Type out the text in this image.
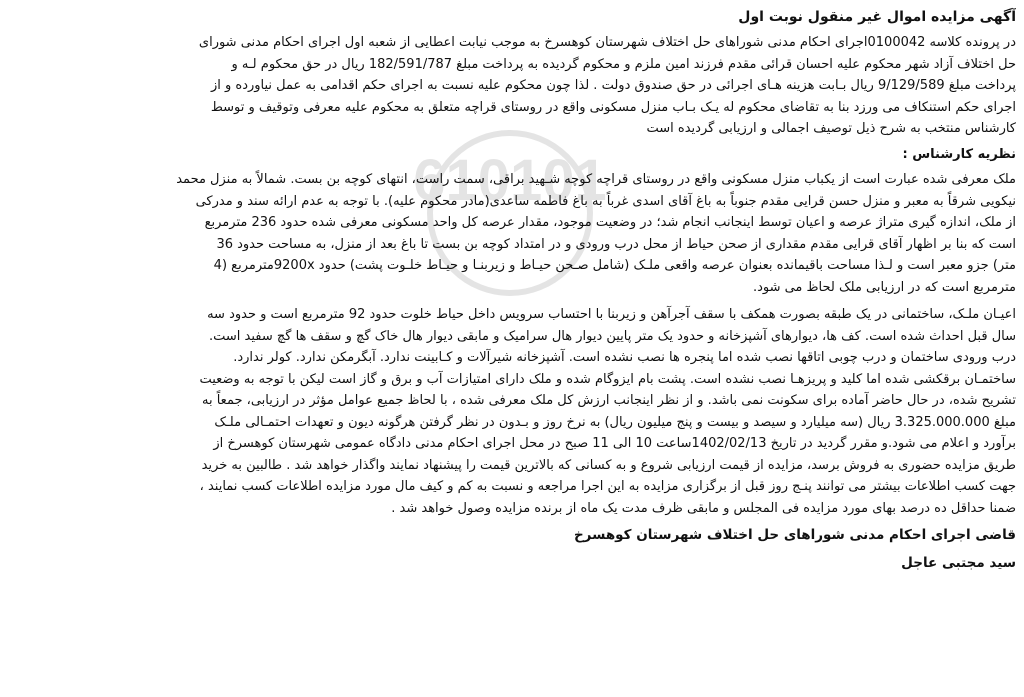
610101
آگهی مزایده اموال غیر منقول نوبت اول
در پرونده کلاسه 0100042اجرای احکام مدنی شوراهای حل اختلاف شهرستان کوهسرخ به موجب نیابت اعطایی از شعبه اول اجرای احکام مدنی شورای
حل اختلاف آزاد شهر محکوم علیه احسان قرائی مقدم فرزند امین ملزم و محکوم گردیده به پرداخت مبلغ 182/591/787 ریال در حق محکوم لـه و
پرداخت مبلغ 9/129/589 ریال بـابت هزینه هـای اجرائی در حق صندوق دولت . لذا چون محکوم علیه نسبت به اجرای حکم اقدامی به عمل نیاورده و از
اجرای حکم استنکاف می ورزد بنا به تقاضای محکوم له یـک بـاب منزل مسکونی واقع در روستای قراچه متعلق به محکوم علیه معرفی وتوقیف و توسط
کارشناس منتخب به شرح ذیل توصیف اجمالی و ارزیابی گردیده است
نظریه کارشناس :
ملک معرفی شده عبارت است از یکباب منزل مسکونی واقع در روستای قراچه کوچه شـهید براقی، سمت راست، انتهای کوچه بن بست. شمالاً به منزل محمد
نیکویی شرقاً به معبر و منزل حسن قرایی مقدم جنوباً به باغ آقای اسدی غرباً به باغ فاطمه ساعدی(مادر محکوم علیه). با توجه به عدم ارائه سند و مدرکی
از ملک، اندازه گیری متراژ عرصه و اعیان توسط اینجانب انجام شد؛ در وضعیت موجود، مقدار عرصه کل واحد مسکونی معرفی شده حدود 236 مترمربع
است که بنا بر اظهار آقای قرایی مقدم مقداری از صحن حیاط از محل درب ورودی و در امتداد کوچه بن بست تا باغ بعد از منزل، به مساحت حدود 36
متر) جزو معبر است و لـذا مساحت باقیمانده بعنوان عرصه واقعی ملـک (شامل صـحن حیـاط و زیربنـا و حیـاط خلـوت پشت) حدود 9200xمترمربع (4
مترمربع است که در ارزیابی ملک لحاظ می شود.
اعیـان ملـک، ساختمانی در یک طبقه بصورت همکف با سقف آجرآهن و زیربنا با احتساب سرویس داخل حیاط خلوت حدود 92 مترمربع است و حدود سه
سال قبل احداث شده است. کف ها، دیوارهای آشپزخانه و حدود یک متر پایین دیوار هال سرامیک و مابقی دیوار هال خاک گچ و سقف ها گچ سفید است.
درب ورودی ساختمان و درب چوبی اتاقها نصب شده اما پنجره ها نصب نشده است. آشپزخانه شیرآلات و کـابینت ندارد. آبگرمکن ندارد. کولر ندارد.
ساختمـان برقکشی شده اما کلید و پریزهـا نصب نشده است. پشت بام ایزوگام شده و ملک دارای امتیازات آب و برق و گاز است لیکن با توجه به وضعیت
تشریح شده، در حال حاضر آماده برای سکونت نمی باشد. و از نظر اینجانب ارزش کل ملک معرفی شده ، با لحاظ جمیع عوامل مؤثر در ارزیابی، جمعاً به
مبلغ 3.325.000.000 ریال (سه میلیارد و سیصد و بیست و پنج میلیون ریال) به نرخ روز و بـدون در نظر گرفتن هرگونه دیون و تعهدات احتمـالی ملـک
برآورد و اعلام می شود.و مقرر گردید در تاریخ 1402/02/13ساعت 10 الی 11 صبح در محل اجرای احکام مدنی دادگاه عمومی شهرستان کوهسرخ از
طریق مزایده حضوری به فروش برسد، مزایده از قیمت ارزیابی شروع و به کسانی که بالاترین قیمت را پیشنهاد نمایند واگذار خواهد شد . طالبین به خرید
جهت کسب اطلاعات بیشتر می توانند پنـج روز قبل از برگزاری مزایده به این اجرا مراجعه و نسبت به کم و کیف مال مورد مزایده اطلاعات کسب نمایند ،
ضمنا حداقل ده درصد بهای مورد مزایده فی المجلس و مابقی ظرف مدت یک ماه از برنده مزایده وصول خواهد شد .
قاضی اجرای احکام مدنی شوراهای حل اختلاف شهرستان کوهسرخ
سید مجتبی عاجل
